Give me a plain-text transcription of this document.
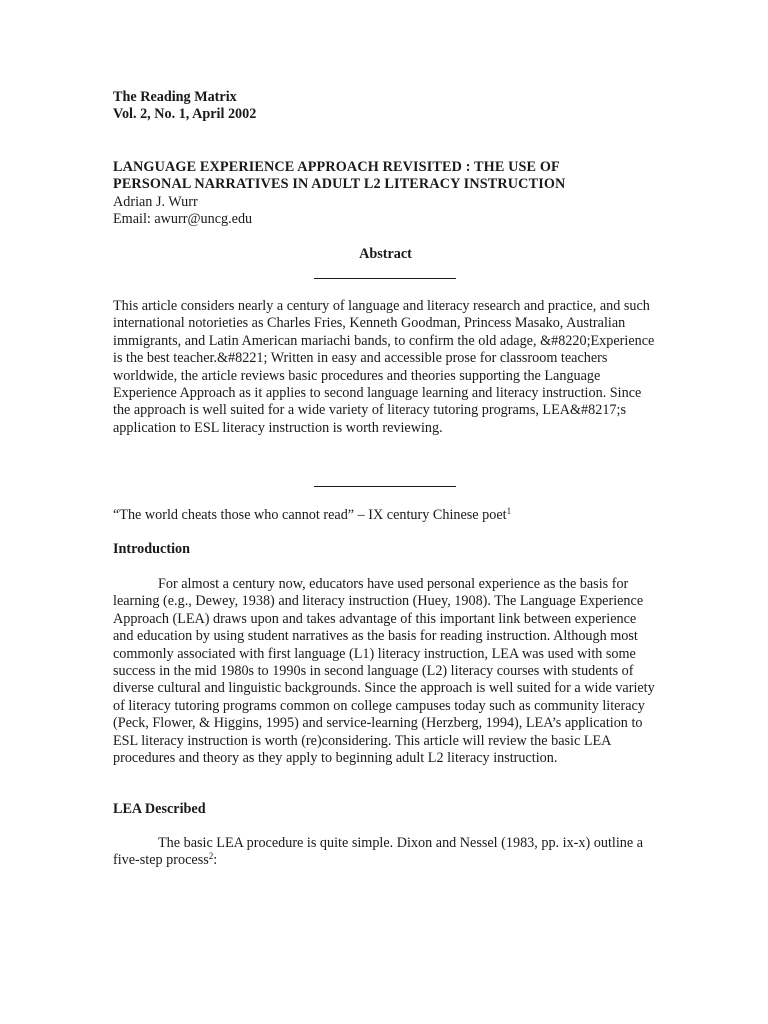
The Reading Matrix

Vol. 2, No. 1, April 2002

LANGUAGE EXPERIENCE APPROACH REVISITED : THE USE OF

PERSONAL NARRATIVES IN ADULT L2 LITERACY INSTRUCTION

Adrian J. Wurr

Email: awurr@uncg.edu

Abstract
This article considers nearly a century of language and literacy research and practice, and such international notorieties as Charles Fries, Kenneth Goodman, Princess Masako, Australian immigrants, and Latin American mariachi bands, to confirm the old adage, &#8220;Experience is the best teacher.&#8221; Written in easy and accessible prose for classroom teachers worldwide, the article reviews basic procedures and theories supporting the Language Experience Approach as it applies to second language learning and literacy instruction. Since the approach is well suited for a wide variety of literacy tutoring programs, LEA&#8217;s application to ESL literacy instruction is worth reviewing.
“The world cheats those who cannot read” – IX century Chinese poet$^1$
Introduction

For almost a century now, educators have used personal experience as the basis for learning (e.g., Dewey, 1938) and literacy instruction (Huey, 1908). The Language Experience Approach (LEA) draws upon and takes advantage of this important link between experience and education by using student narratives as the basis for reading instruction. Although most commonly associated with first language (L1) literacy instruction, LEA was used with some success in the mid 1980s to 1990s in second language (L2) literacy courses with students of diverse cultural and linguistic backgrounds. Since the approach is well suited for a wide variety of literacy tutoring programs common on college campuses today such as community literacy (Peck, Flower, & Higgins, 1995) and service-learning (Herzberg, 1994), LEA’s application to ESL literacy instruction is worth (re)considering. This article will review the basic LEA procedures and theory as they apply to beginning adult L2 literacy instruction.

LEA Described

The basic LEA procedure is quite simple. Dixon and Nessel (1983, pp. ix-x) outline a five-step process$^2$:
